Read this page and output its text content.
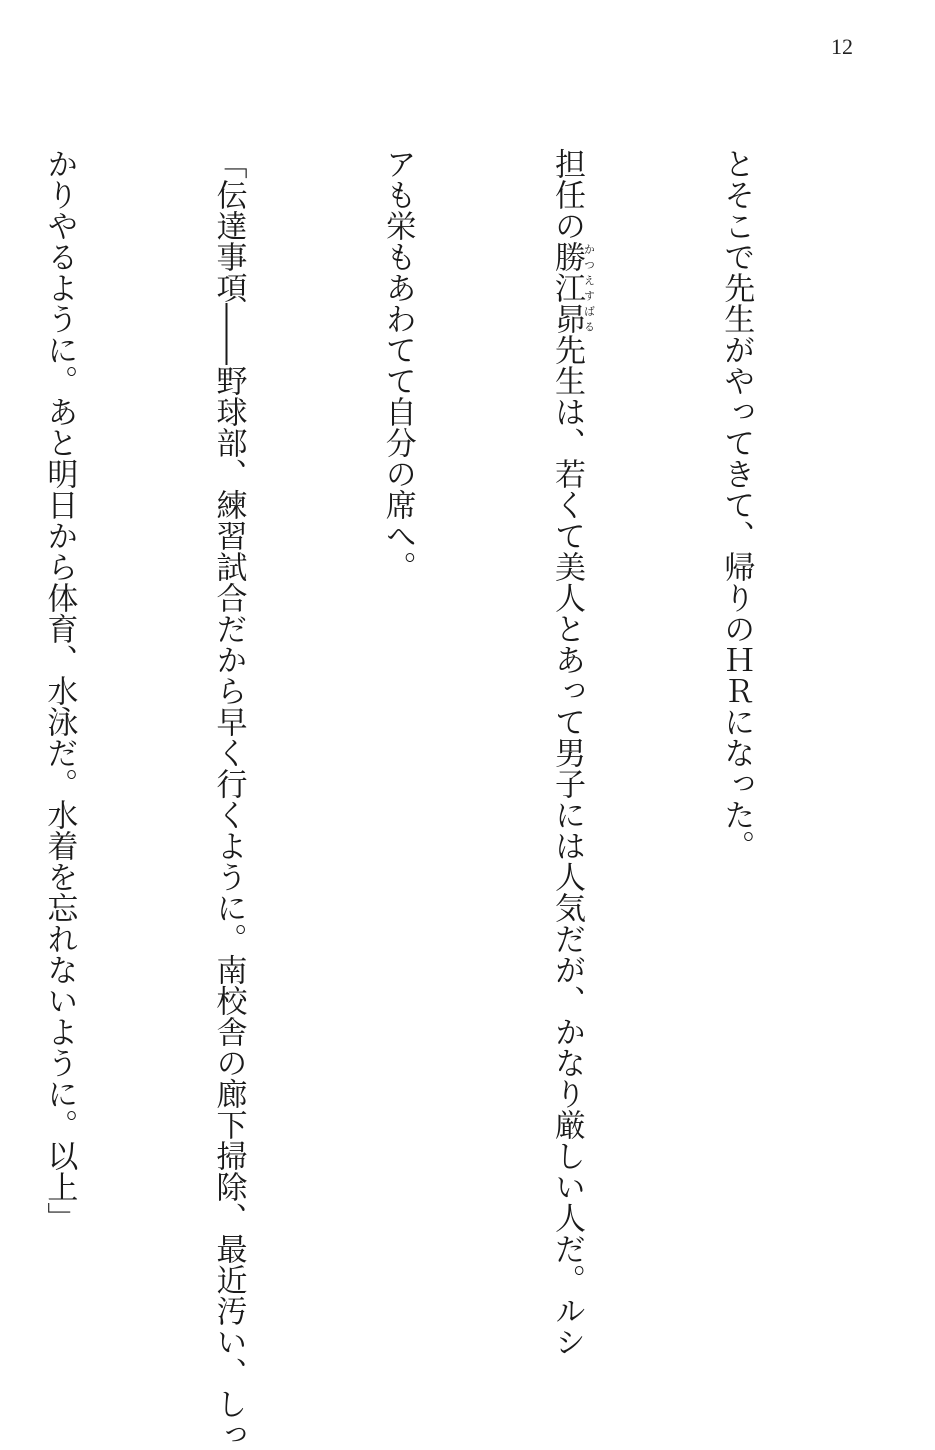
12

とそこで先生がやってきて、帰りのＨＲになった。

担任の勝江昴かつえすばる先生は、若くて美人とあって男子には人気だが、かなり厳しい人だ。ルシ

アも栄もあわてて自分の席へ。

「伝達事項――野球部、練習試合だから早く行くように。南校舎の廊下掃除、最近汚い、しっ

かりやるように。あと明日から体育、水泳だ。水着を忘れないように。以上」
